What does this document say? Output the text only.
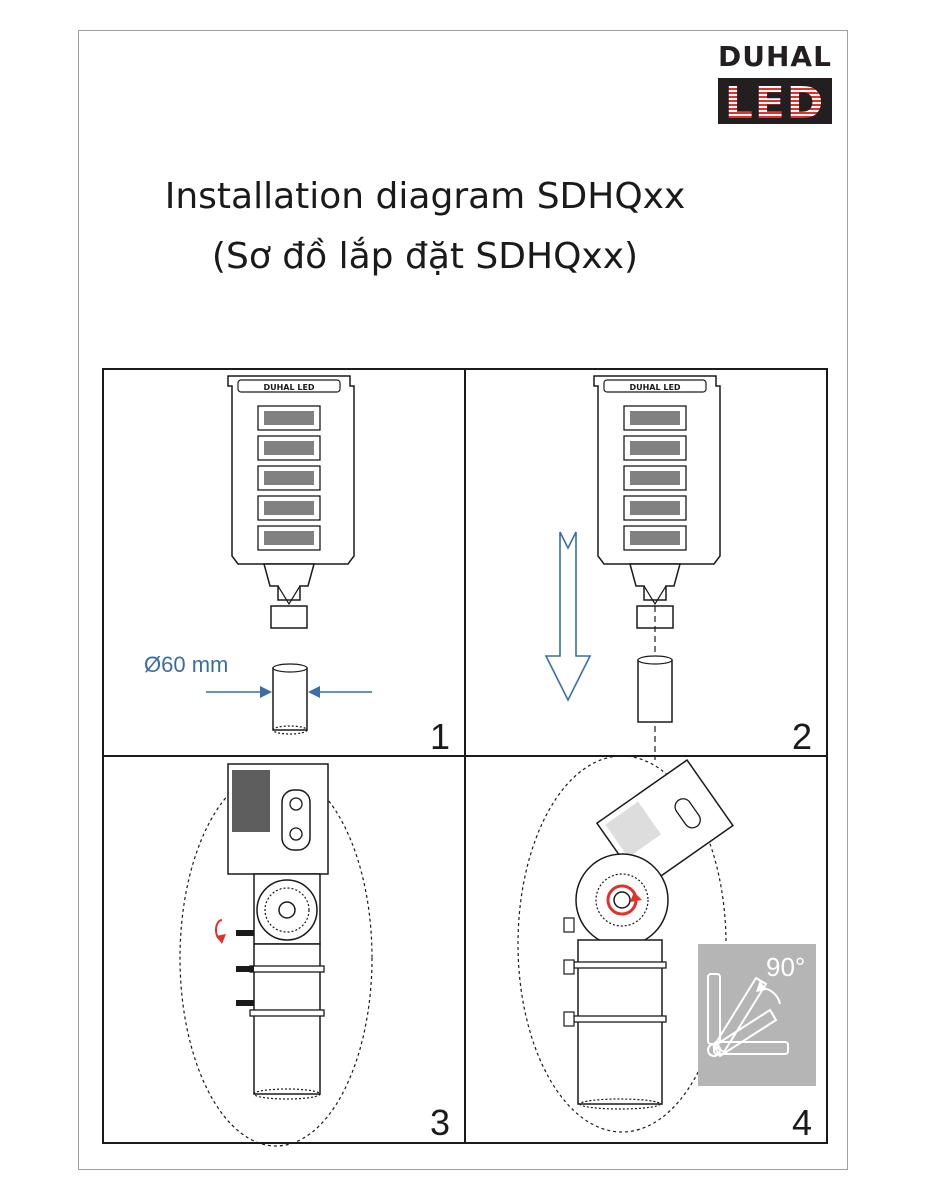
DUHAL
LED
Installation diagram SDHQxx
(Sơ đồ lắp đặt SDHQxx)
DUHAL LED	DUHAL LED
Ø60 mm
90°
1	2
3	4
